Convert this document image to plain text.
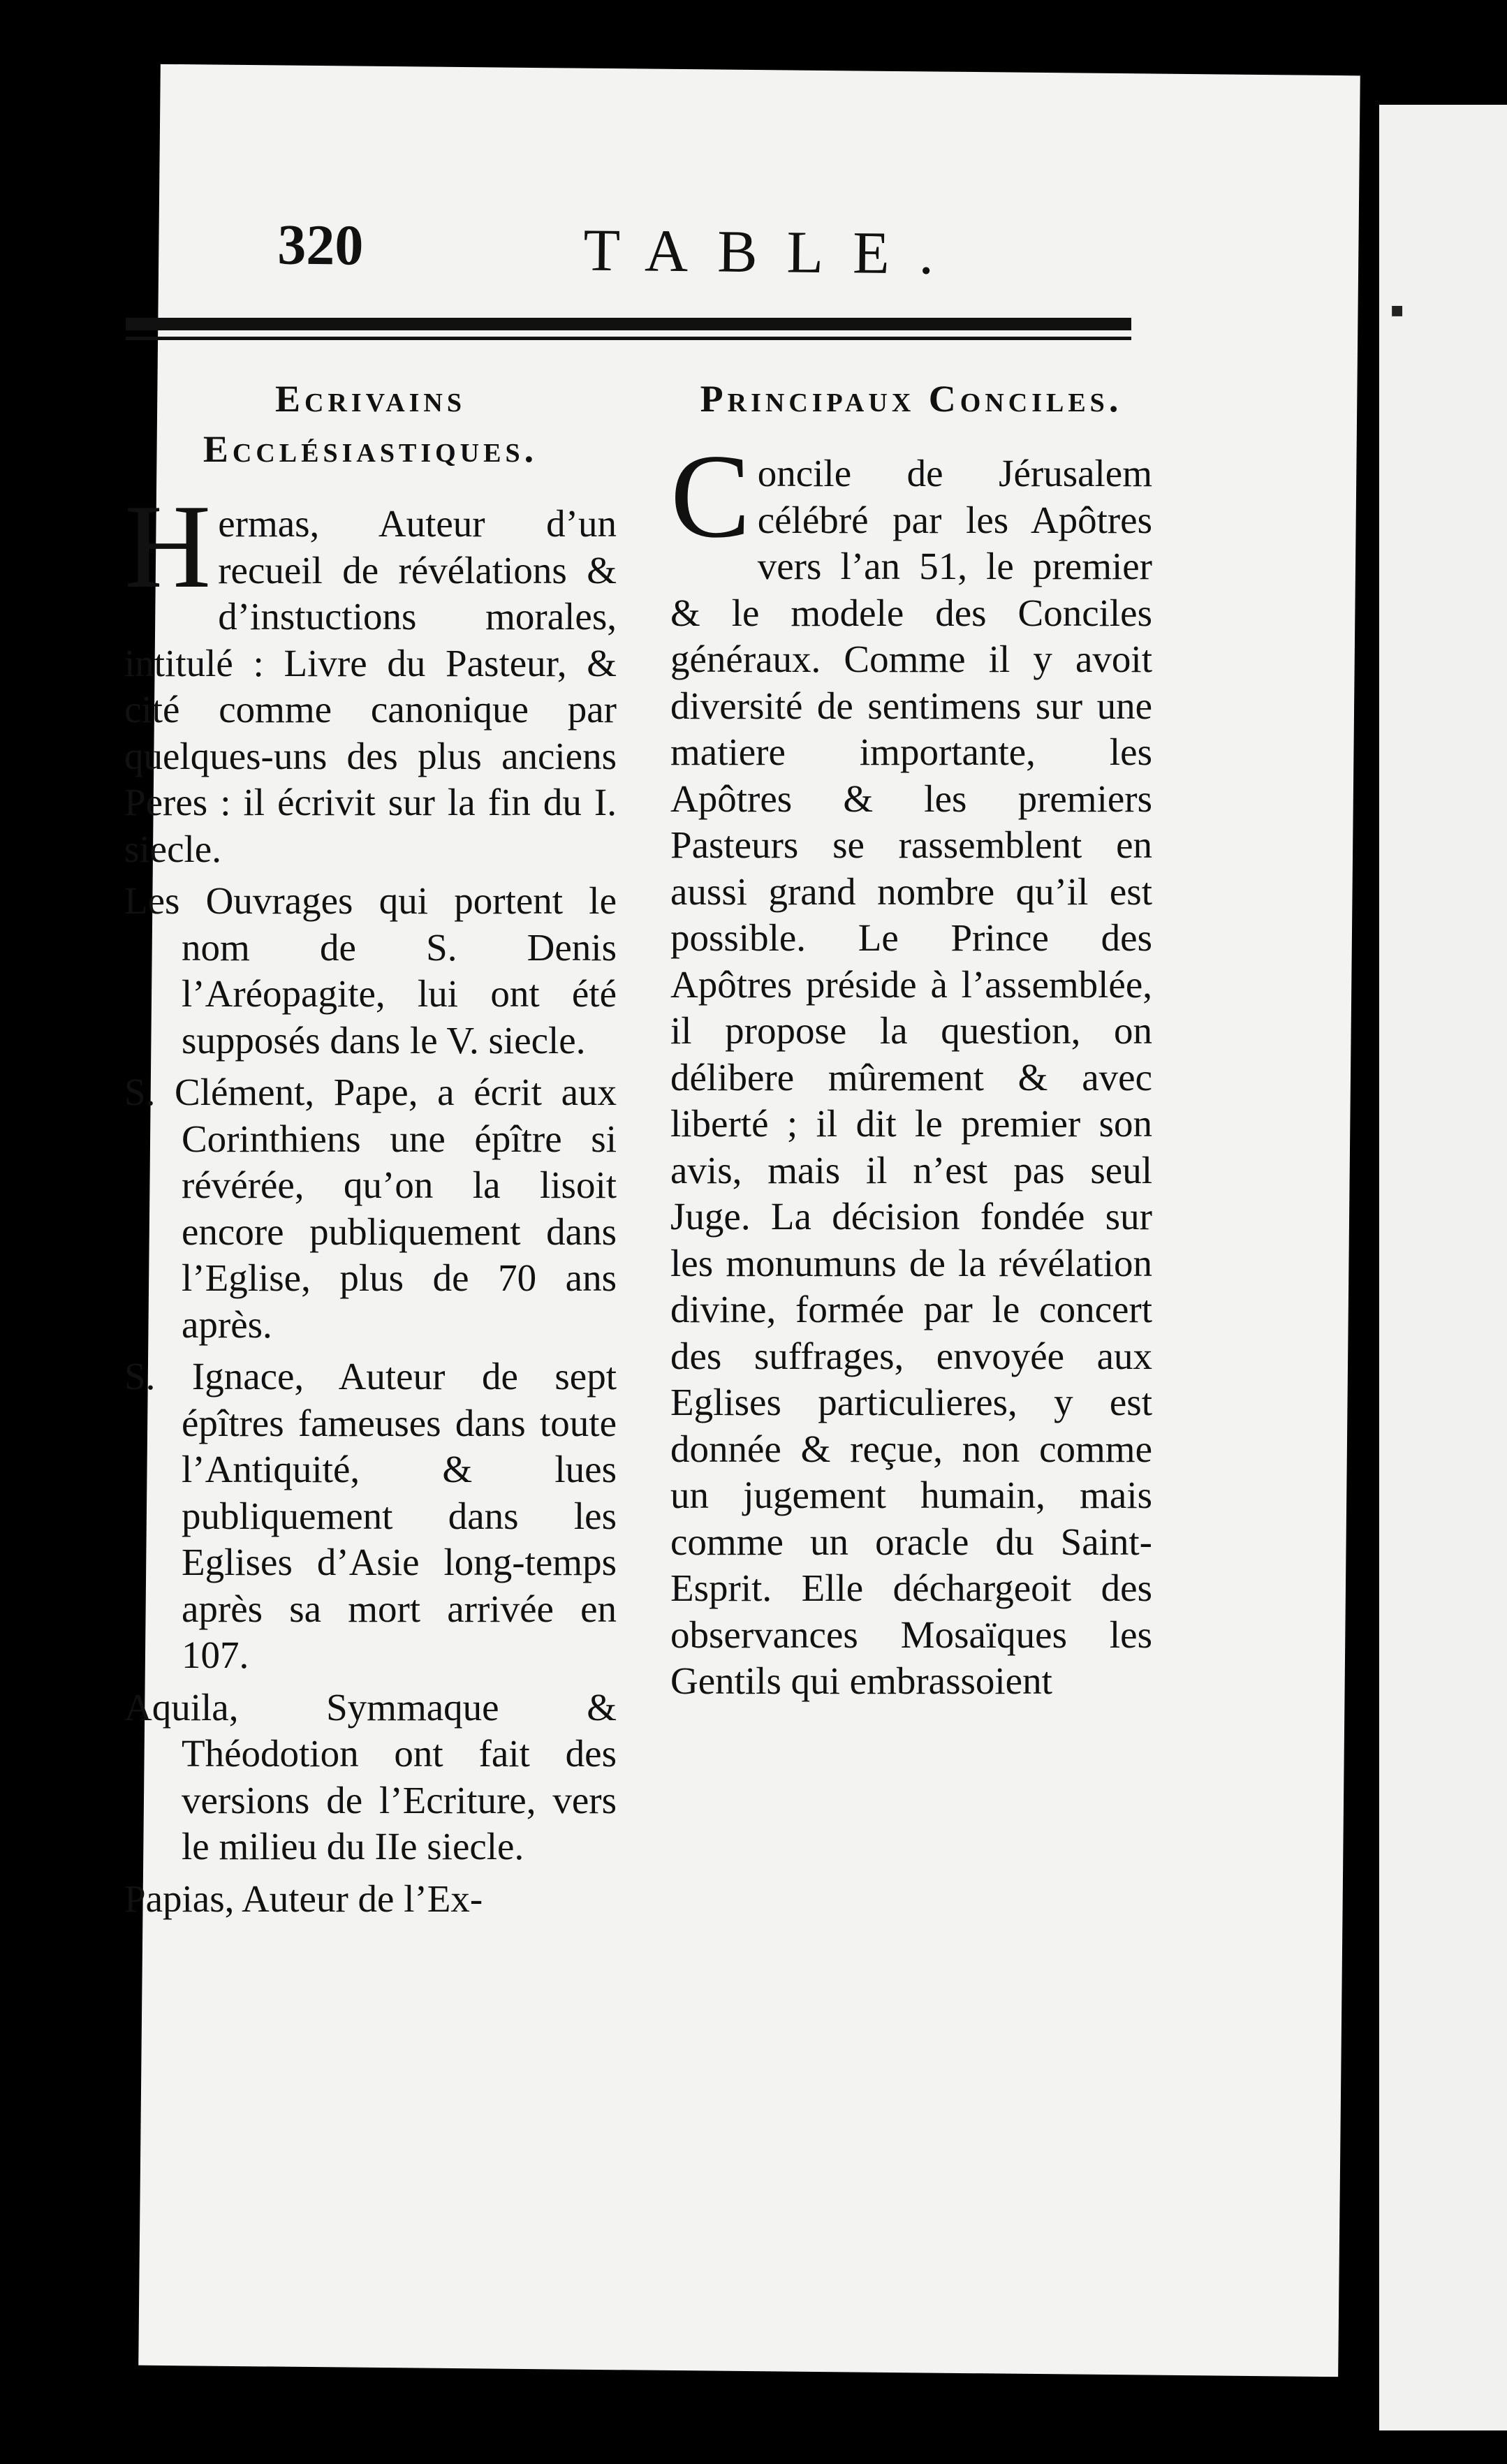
▪
320	TABLE.
Ecrivains Ecclésiastiques.

Hermas, Auteur d’un recueil de révélations & d’instuctions morales, intitulé : Livre du Pasteur, & cité comme canonique par quelques-uns des plus anciens Peres : il écrivit sur la fin du I. siecle.

Les Ouvrages qui portent le nom de S. Denis l’Aréopagite, lui ont été supposés dans le V. siecle.

S. Clément, Pape, a écrit aux Corinthiens une épître si révérée, qu’on la lisoit encore publiquement dans l’Eglise, plus de 70 ans après.

S. Ignace, Auteur de sept épîtres fameuses dans toute l’Antiquité, & lues publiquement dans les Eglises d’Asie long-temps après sa mort arrivée en 107.

Aquila, Symmaque & Théodotion ont fait des versions de l’Ecriture, vers le milieu du IIe siecle.

Papias, Auteur de l’Ex-

Principaux Conciles.

Concile de Jérusalem célébré par les Apôtres vers l’an 51, le premier & le modele des Conciles généraux. Comme il y avoit diversité de sentimens sur une matiere importante, les Apôtres & les premiers Pasteurs se rassemblent en aussi grand nombre qu’il est possible. Le Prince des Apôtres préside à l’assemblée, il propose la question, on délibere mûrement & avec liberté ; il dit le premier son avis, mais il n’est pas seul Juge. La décision fondée sur les monumuns de la révélation divine, formée par le concert des suffrages, envoyée aux Eglises particulieres, y est donnée & reçue, non comme un jugement humain, mais comme un oracle du Saint-Esprit. Elle déchargeoit des observances Mosaïques les Gentils qui embrassoient
